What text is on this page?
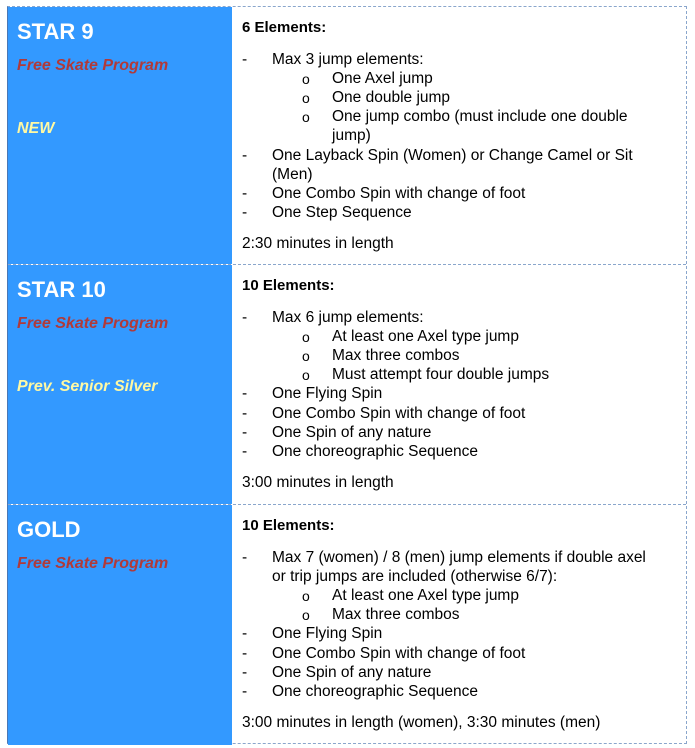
STAR 9
Free Skate Program
NEW
6 Elements:
- Max 3 jump elements:
o One Axel jump
o One double jump
o One jump combo (must include one double
jump)
- One Layback Spin (Women) or Change Camel or Sit
(Men)
- One Combo Spin with change of foot
- One Step Sequence
2:30 minutes in length
STAR 10
Free Skate Program
Prev. Senior Silver
10 Elements:
- Max 6 jump elements:
o At least one Axel type jump
o Max three combos
o Must attempt four double jumps
- One Flying Spin
- One Combo Spin with change of foot
- One Spin of any nature
- One choreographic Sequence
3:00 minutes in length
GOLD
Free Skate Program
10 Elements:
- Max 7 (women) / 8 (men) jump elements if double axel
or trip jumps are included (otherwise 6/7):
o At least one Axel type jump
o Max three combos
- One Flying Spin
- One Combo Spin with change of foot
- One Spin of any nature
- One choreographic Sequence
3:00 minutes in length (women), 3:30 minutes (men)
